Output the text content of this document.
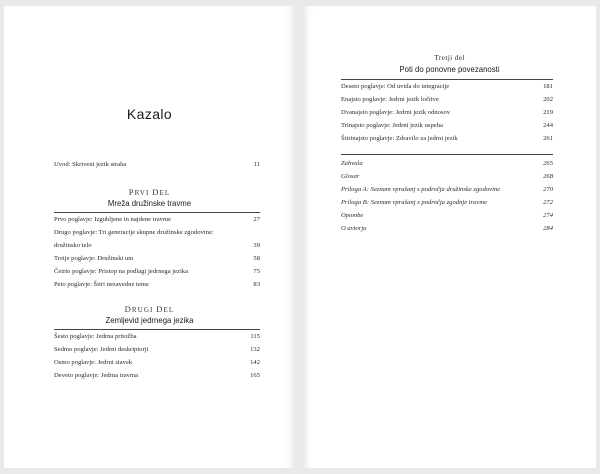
Kazalo
Uvod: Skriveni jezik straha	11
PRVI DEL
Mreža družinske travme
Prvo poglavje: Izgubljene in najdene travme	27
Drugo poglavje: Tri generacije skupne družinske zgodovine:
družinsko telo	39
Tretje poglavje: Družinski um	58
Četrto poglavje: Pristop na podlagi jedrnega jezika	75
Peto poglavje: Štiri nezavedne teme	83
DRUGI DEL
Zemljevid jedrnega jezika
Šesto poglavje: Jedrna pritožba	115
Sedmo poglavje: Jedrni deskriptorji	132
Osmo poglavje: Jedrni stavek	142
Deveto poglavje: Jedrna travma	165
Tretji del
Poti do ponovne povezanosti
Deseto poglavje: Od uvida do integracije	181
Enajsto poglavje: Jedrni jezik ločitve	202
Dvanajsto poglavje: Jedrni jezik odnosov	219
Trinajsto poglavje: Jedrni jezik uspeha	244
Štirinajsto poglavje: Zdravilo za jedrni jezik	261
Zahvala	265
Glosar	268
Priloga A: Seznam vprašanj s področja družinske zgodovine	270
Priloga B: Seznam vprašanj s področja zgodnje travme	272
Opombe	274
O avtorju	284
